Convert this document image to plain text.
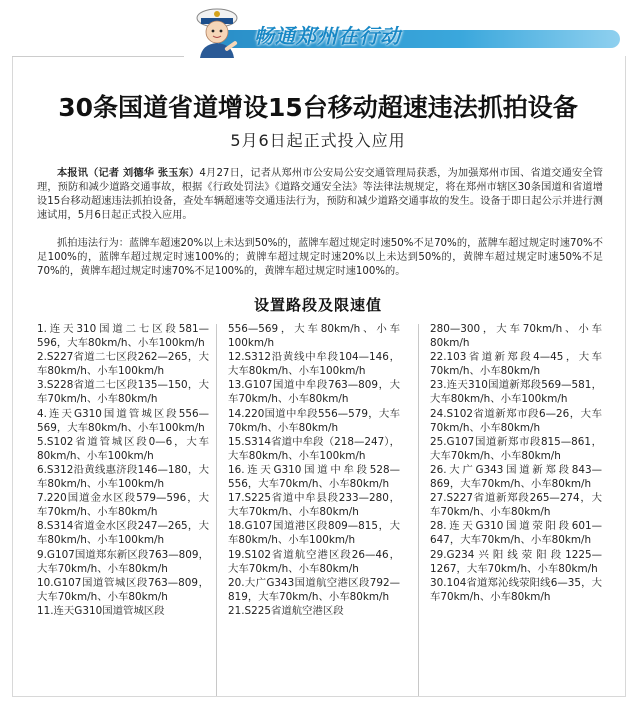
畅通郑州在行动
30条国道省道增设15台移动超速违法抓拍设备
5月6日起正式投入应用
本报讯（记者 刘德华 张玉东）4月27日，记者从郑州市公安局公安交通管理局获悉，为加强郑州市国、省道交通安全管理，预防和减少道路交通事故，根据《行政处罚法》《道路交通安全法》等法律法规规定，将在郑州市辖区30条国道和省道增设15台移动超速违法抓拍设备，查处车辆超速等交通违法行为，预防和减少道路交通事故的发生。设备于即日起公示并进行测速试用，5月6日起正式投入应用。
抓拍违法行为：蓝牌车超速20%以上未达到50%的，蓝牌车超过规定时速50%不足70%的，蓝牌车超过规定时速70%不足100%的，蓝牌车超过规定时速100%的；黄牌车超过规定时速20%以上未达到50%的，黄牌车超过规定时速50%不足70%的，黄牌车超过规定时速70%不足100%的，黄牌车超过规定时速100%的。
设置路段及限速值

1.连天310国道二七区段581—596，大车80km/h、小车100km/h

2.S227省道二七区段262—265，大车80km/h、小车100km/h

3.S228省道二七区段135—150，大车70km/h、小车80km/h

4.连天G310国道管城区段556—569，大车80km/h、小车100km/h

5.S102省道管城区段0—6，大车80km/h、小车100km/h

6.S312沿黄线惠济段146—180，大车80km/h、小车100km/h

7.220国道金水区段579—596，大车70km/h、小车80km/h

8.S314省道金水区段247—265，大车80km/h、小车100km/h

9.G107国道郑东新区段763—809，大车70km/h、小车80km/h

10.G107国道管城区段763—809，大车70km/h、小车80km/h

11.连天G310国道管城区段

556—569，大车80km/h、小车100km/h

12.S312沿黄线中牟段104—146，大车80km/h、小车100km/h

13.G107国道中牟段763—809，大车70km/h、小车80km/h

14.220国道中牟段556—579，大车70km/h、小车80km/h

15.S314省道中牟段（218—247），大车80km/h、小车100km/h

16.连天G310国道中牟段528—556，大车70km/h、小车80km/h

17.S225省道中牟县段233—280，大车70km/h、小车80km/h

18.G107国道港区段809—815，大车80km/h、小车100km/h

19.S102省道航空港区段26—46，大车70km/h、小车80km/h

20.大广G343国道航空港区段792—819，大车70km/h、小车80km/h

21.S225省道航空港区段

280—300，大车70km/h、小车80km/h

22.103省道新郑段4—45，大车70km/h、小车80km/h

23.连天310国道新郑段569—581，大车80km/h、小车100km/h

24.S102省道新郑市段6—26，大车70km/h、小车80km/h

25.G107国道新郑市段815—861，大车70km/h、小车80km/h

26.大广G343国道新郑段843—869，大车70km/h、小车80km/h

27.S227省道新郑段265—274，大车70km/h、小车80km/h

28.连天G310国道荥阳段601—647，大车70km/h、小车80km/h

29.G234兴阳线荥阳段1225—1267，大车70km/h、小车80km/h

30.104省道郑沁线荥阳线6—35，大车70km/h、小车80km/h
